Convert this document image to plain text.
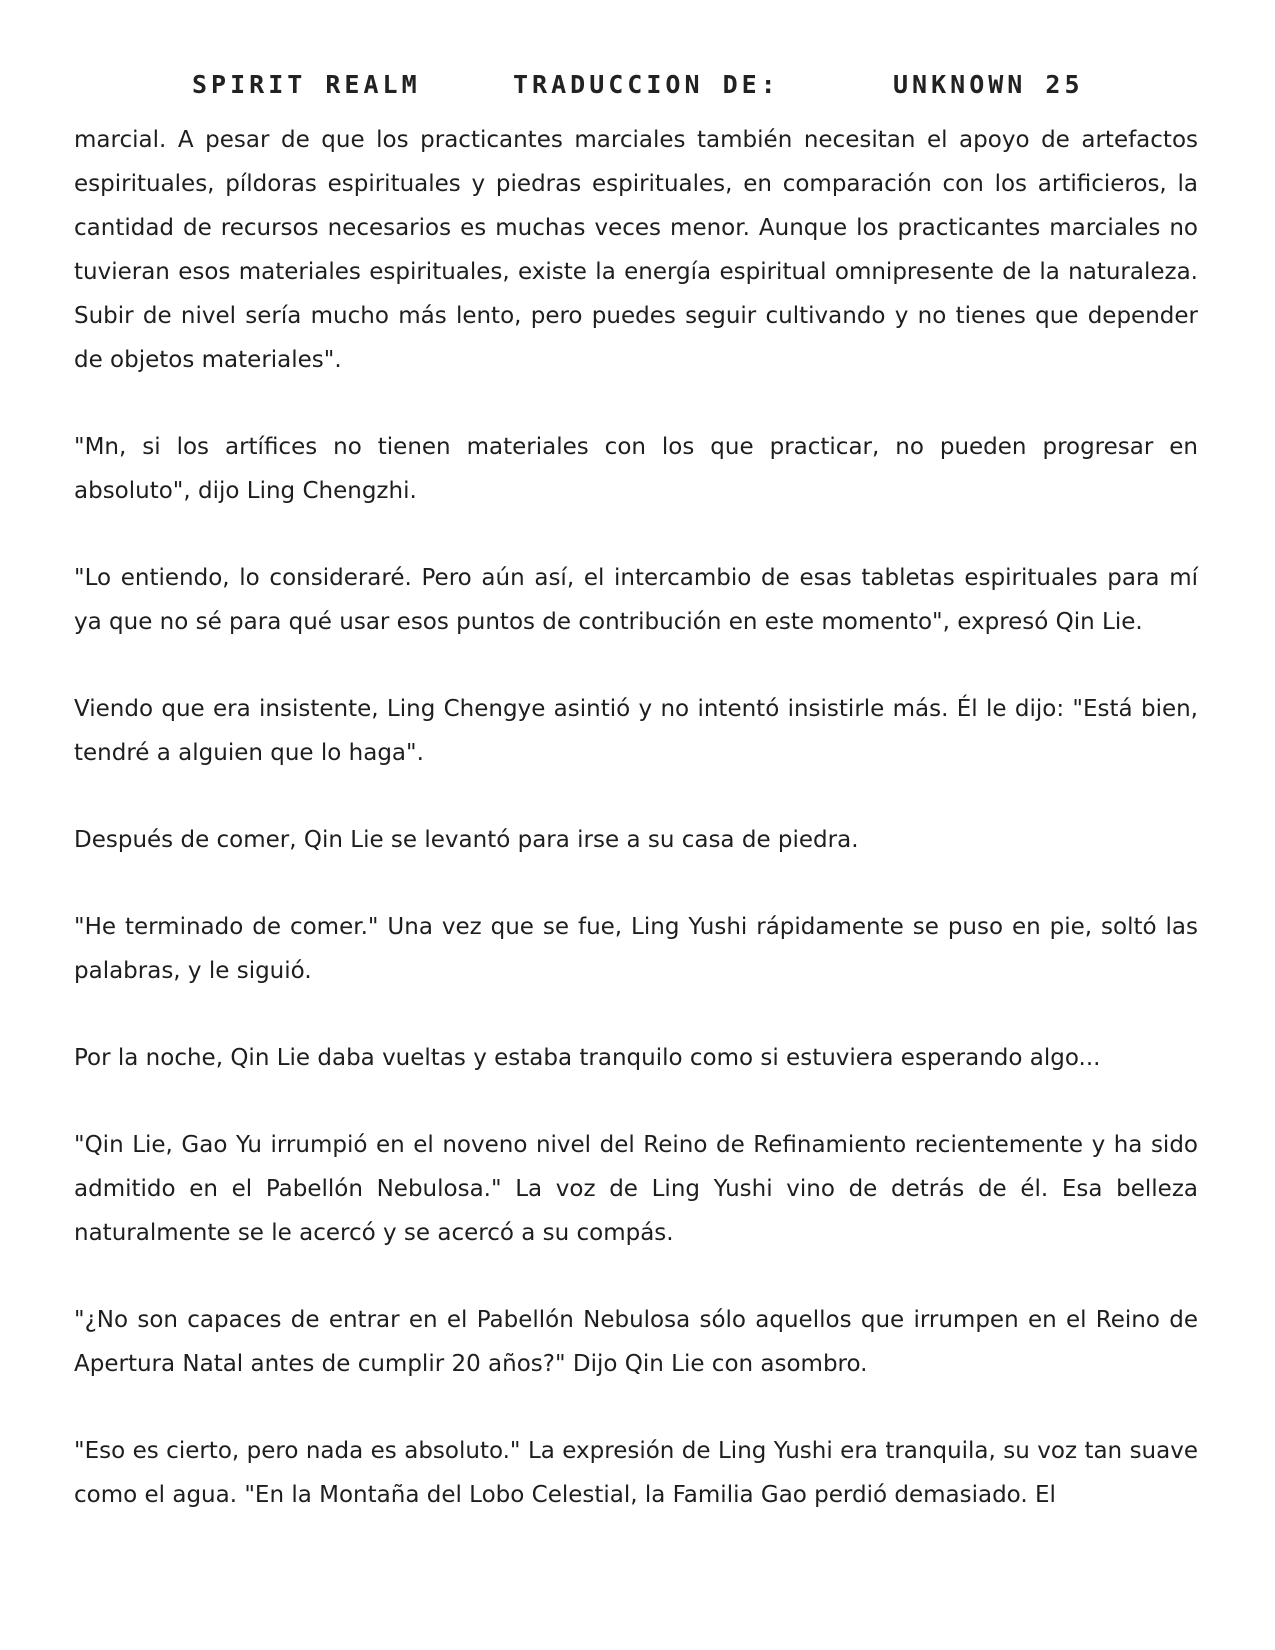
SPIRIT REALM	TRADUCCION DE:	UNKNOWN 25

marcial. A pesar de que los practicantes marciales también necesitan el apoyo de artefactos espirituales, píldoras espirituales y piedras espirituales, en comparación con los artificieros, la cantidad de recursos necesarios es muchas veces menor. Aunque los practicantes marciales no tuvieran esos materiales espirituales, existe la energía espiritual omnipresente de la naturaleza. Subir de nivel sería mucho más lento, pero puedes seguir cultivando y no tienes que depender de objetos materiales".

"Mn, si los artífices no tienen materiales con los que practicar, no pueden progresar en absoluto", dijo Ling Chengzhi.

"Lo entiendo, lo consideraré. Pero aún así, el intercambio de esas tabletas espirituales para mí ya que no sé para qué usar esos puntos de contribución en este momento", expresó Qin Lie.

Viendo que era insistente, Ling Chengye asintió y no intentó insistirle más. Él le dijo: "Está bien, tendré a alguien que lo haga".

Después de comer, Qin Lie se levantó para irse a su casa de piedra.

"He terminado de comer." Una vez que se fue, Ling Yushi rápidamente se puso en pie, soltó las palabras, y le siguió.

Por la noche, Qin Lie daba vueltas y estaba tranquilo como si estuviera esperando algo...

"Qin Lie, Gao Yu irrumpió en el noveno nivel del Reino de Refinamiento recientemente y ha sido admitido en el Pabellón Nebulosa." La voz de Ling Yushi vino de detrás de él. Esa belleza naturalmente se le acercó y se acercó a su compás.

"¿No son capaces de entrar en el Pabellón Nebulosa sólo aquellos que irrumpen en el Reino de Apertura Natal antes de cumplir 20 años?" Dijo Qin Lie con asombro.

"Eso es cierto, pero nada es absoluto." La expresión de Ling Yushi era tranquila, su voz tan suave como el agua. "En la Montaña del Lobo Celestial, la Familia Gao perdió demasiado. El
